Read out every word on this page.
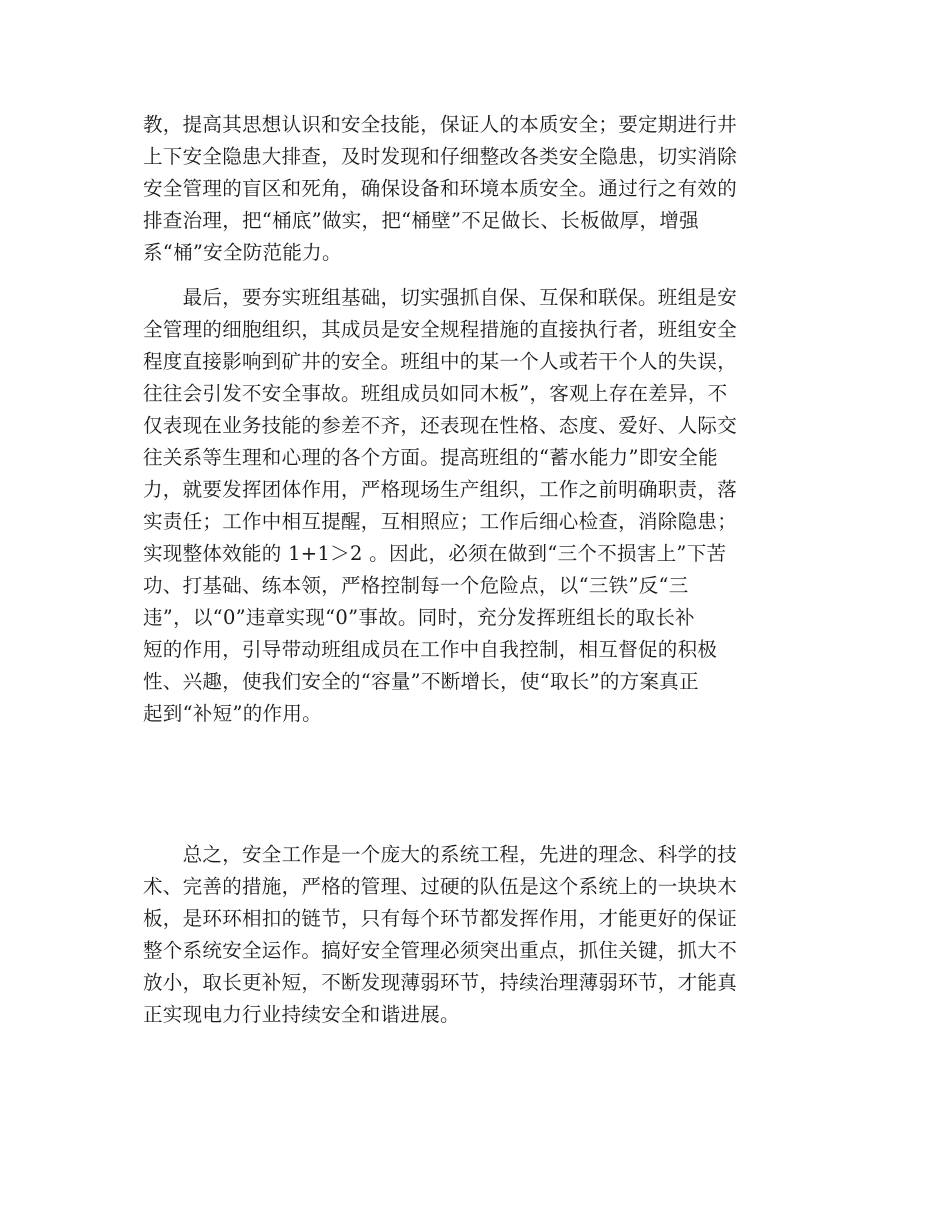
教，提高其思想认识和安全技能，保证人的本质安全；要定期进行井
上下安全隐患大排查，及时发现和仔细整改各类安全隐患，切实消除
安全管理的盲区和死角，确保设备和环境本质安全。通过行之有效的
排查治理，把“桶底”做实，把“桶壁”不足做长、长板做厚，增强
系“桶”安全防范能力。
　　最后，要夯实班组基础，切实强抓自保、互保和联保。班组是安
全管理的细胞组织，其成员是安全规程措施的直接执行者，班组安全
程度直接影响到矿井的安全。班组中的某一个人或若干个人的失误，
往往会引发不安全事故。班组成员如同木板”，客观上存在差异，不
仅表现在业务技能的参差不齐，还表现在性格、态度、爱好、人际交
往关系等生理和心理的各个方面。提高班组的“蓄水能力”即安全能
力，就要发挥团体作用，严格现场生产组织，工作之前明确职责，落
实责任；工作中相互提醒，互相照应；工作后细心检查，消除隐患；
实现整体效能的 1+1＞2 。因此，必须在做到“三个不损害上”下苦
功、打基础、练本领，严格控制每一个危险点，以“三铁”反“三
违”，以“0”违章实现“0”事故。同时，充分发挥班组长的取长补
短的作用，引导带动班组成员在工作中自我控制，相互督促的积极
性、兴趣，使我们安全的“容量”不断增长，使“取长”的方案真正
起到“补短”的作用。
　　总之，安全工作是一个庞大的系统工程，先进的理念、科学的技
术、完善的措施，严格的管理、过硬的队伍是这个系统上的一块块木
板，是环环相扣的链节，只有每个环节都发挥作用，才能更好的保证
整个系统安全运作。搞好安全管理必须突出重点，抓住关键，抓大不
放小，取长更补短，不断发现薄弱环节，持续治理薄弱环节，才能真
正实现电力行业持续安全和谐进展。
